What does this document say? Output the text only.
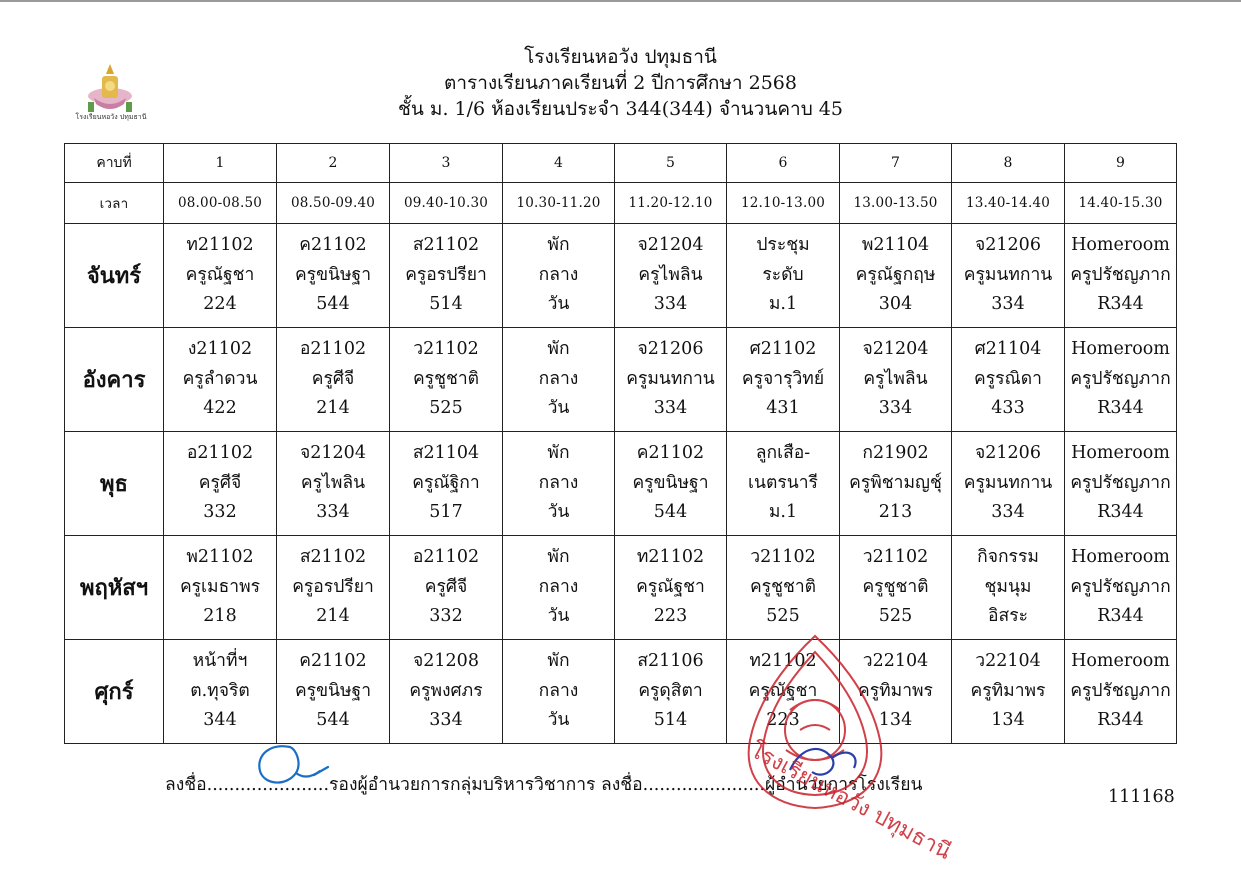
โรงเรียนหอวัง ปทุมธานี
โรงเรียนหอวัง ปทุมธานี
ตารางเรียนภาคเรียนที่ 2 ปีการศึกษา 2568
ชั้น ม. 1/6 ห้องเรียนประจำ 344(344) จำนวนคาบ 45
คาบที่	1	2	3	4	5	6	7	8	9
เวลา	08.00-08.50	08.50-09.40	09.40-10.30	10.30-11.20	11.20-12.10	12.10-13.00	13.00-13.50	13.40-14.40	14.40-15.30
จันทร์	ท21102
ครูณัฐชา
224	ค21102
ครูขนิษฐา
544	ส21102
ครูอรปรียา
514	พัก
กลาง
วัน	จ21204
ครูไพลิน
334	ประชุม
ระดับ
ม.1	พ21104
ครูณัฐกฤษ
304	จ21206
ครูมนทกาน
334	Homeroom
ครูปรัชญภาก
R344

อังคาร	ง21102
ครูลำดวน
422	อ21102
ครูศีจี
214	ว21102
ครูชูชาติ
525	พัก
กลาง
วัน	จ21206
ครูมนทกาน
334	ศ21102
ครูจารุวิทย์
431	จ21204
ครูไพลิน
334	ศ21104
ครูรณิดา
433	Homeroom
ครูปรัชญภาก
R344

พุธ	อ21102
ครูศีจี
332	จ21204
ครูไพลิน
334	ส21104
ครูณัฐิกา
517	พัก
กลาง
วัน	ค21102
ครูขนิษฐา
544	ลูกเสือ-
เนตรนารี
ม.1	ก21902
ครูพิชามญชุ์
213	จ21206
ครูมนทกาน
334	Homeroom
ครูปรัชญภาก
R344

พฤหัสฯ	พ21102
ครูเมธาพร
218	ส21102
ครูอรปรียา
214	อ21102
ครูศีจี
332	พัก
กลาง
วัน	ท21102
ครูณัฐชา
223	ว21102
ครูชูชาติ
525	ว21102
ครูชูชาติ
525	กิจกรรม
ชุมนุม
อิสระ	Homeroom
ครูปรัชญภาก
R344

ศุกร์	หน้าที่ฯ
ต.ทุจริต
344	ค21102
ครูขนิษฐา
544	จ21208
ครูพงศภร
334	พัก
กลาง
วัน	ส21106
ครูดุสิตา
514	ท21102
ครูณัฐชา
223	ว22104
ครูทิมาพร
134	ว22104
ครูทิมาพร
134	Homeroom
ครูปรัชญภาก
R344
ลงชื่อ......................รองผู้อำนวยการกลุ่มบริหารวิชาการ ลงชื่อ......................ผู้อำนวยการโรงเรียน
โรงเรียนหอวัง ปทุมธานี	111168
